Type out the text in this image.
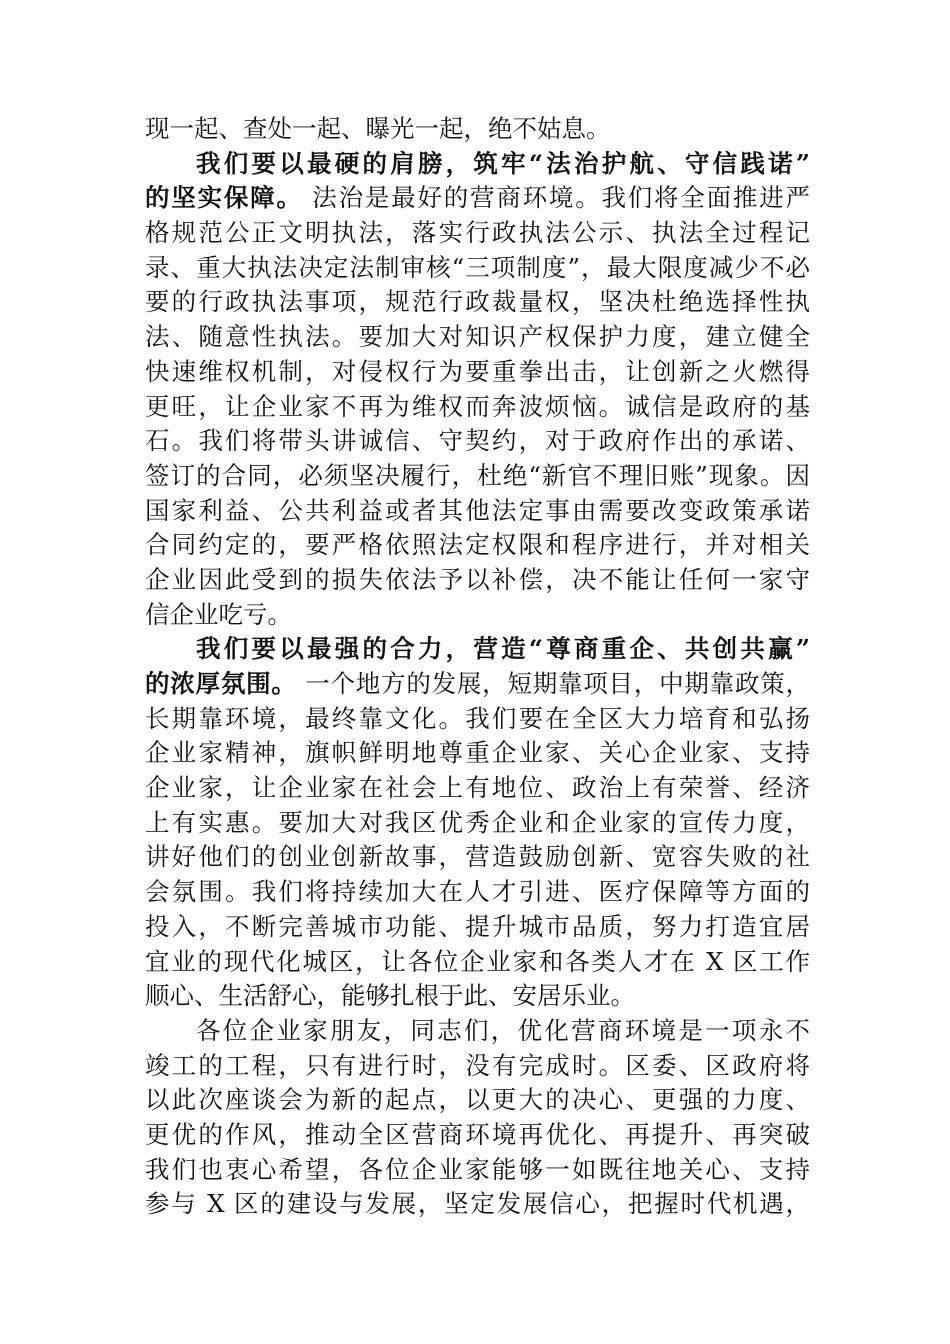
现一起、查处一起、曝光一起，绝不姑息。
我们要以最硬的肩膀，筑牢“法治护航、守信践诺”
的坚实保障。 法治是最好的营商环境。我们将全面推进严
格规范公正文明执法，落实行政执法公示、执法全过程记
录、重大执法决定法制审核“三项制度”，最大限度减少不必
要的行政执法事项，规范行政裁量权，坚决杜绝选择性执
法、随意性执法。要加大对知识产权保护力度，建立健全
快速维权机制，对侵权行为要重拳出击，让创新之火燃得
更旺，让企业家不再为维权而奔波烦恼。诚信是政府的基
石。我们将带头讲诚信、守契约，对于政府作出的承诺、
签订的合同，必须坚决履行，杜绝“新官不理旧账”现象。因
国家利益、公共利益或者其他法定事由需要改变政策承诺
合同约定的，要严格依照法定权限和程序进行，并对相关
企业因此受到的损失依法予以补偿，决不能让任何一家守
信企业吃亏。
我们要以最强的合力，营造“尊商重企、共创共赢”
的浓厚氛围。 一个地方的发展，短期靠项目，中期靠政策，
长期靠环境，最终靠文化。我们要在全区大力培育和弘扬
企业家精神，旗帜鲜明地尊重企业家、关心企业家、支持
企业家，让企业家在社会上有地位、政治上有荣誉、经济
上有实惠。要加大对我区优秀企业和企业家的宣传力度，
讲好他们的创业创新故事，营造鼓励创新、宽容失败的社
会氛围。我们将持续加大在人才引进、医疗保障等方面的
投入，不断完善城市功能、提升城市品质，努力打造宜居
宜业的现代化城区，让各位企业家和各类人才在 X 区工作
顺心、生活舒心，能够扎根于此、安居乐业。
各位企业家朋友，同志们，优化营商环境是一项永不
竣工的工程，只有进行时，没有完成时。区委、区政府将
以此次座谈会为新的起点，以更大的决心、更强的力度、
更优的作风，推动全区营商环境再优化、再提升、再突破
我们也衷心希望，各位企业家能够一如既往地关心、支持
参与 X 区的建设与发展，坚定发展信心，把握时代机遇，
